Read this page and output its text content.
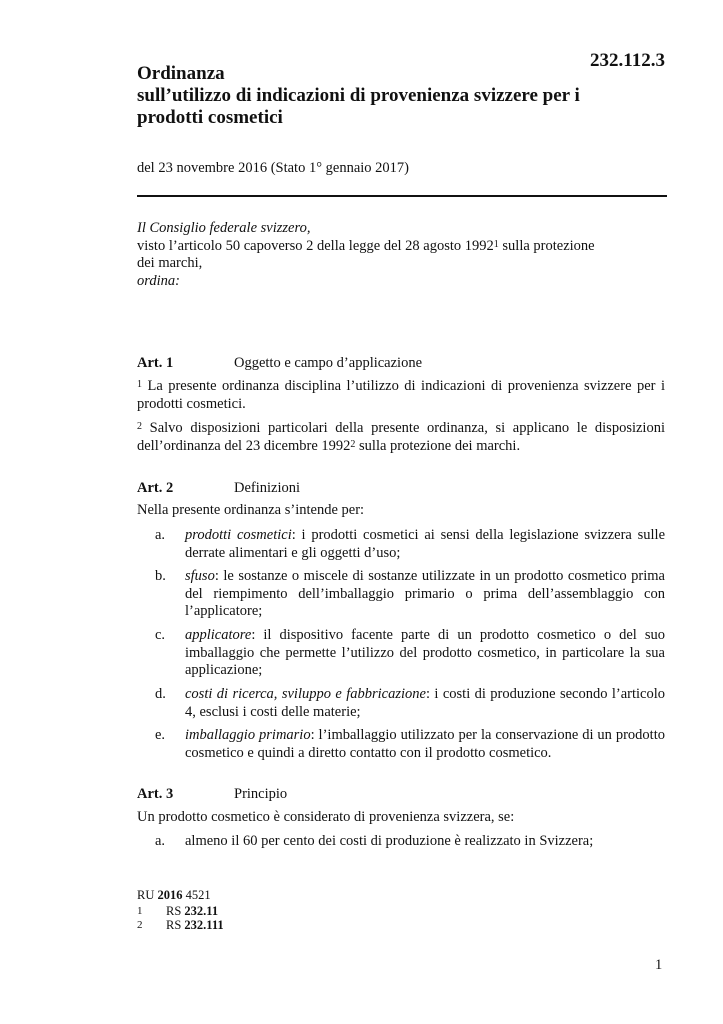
232.112.3
Ordinanza
sull’utilizzo di indicazioni di provenienza svizzere per i
prodotti cosmetici
del 23 novembre 2016 (Stato 1° gennaio 2017)
Il Consiglio federale svizzero,
visto l’articolo 50 capoverso 2 della legge del 28 agosto 1992$^1$ sulla protezione
dei marchi,
ordina:
Art. 1	Oggetto e campo d’applicazione
$^1$ La presente ordinanza disciplina l’utilizzo di indicazioni di provenienza svizzere per i prodotti cosmetici.
$^2$ Salvo disposizioni particolari della presente ordinanza, si applicano le disposizioni dell’ordinanza del 23 dicembre 1992$^2$ sulla protezione dei marchi.
Art. 2	Definizioni
Nella presente ordinanza s’intende per:
a. prodotti cosmetici: i prodotti cosmetici ai sensi della legislazione svizzera sulle derrate alimentari e gli oggetti d’uso;
b. sfuso: le sostanze o miscele di sostanze utilizzate in un prodotto cosmetico prima del riempimento dell’imballaggio primario o prima dell’assemblaggio con l’applicatore;
c. applicatore: il dispositivo facente parte di un prodotto cosmetico o del suo imballaggio che permette l’utilizzo del prodotto cosmetico, in particolare la sua applicazione;
d. costi di ricerca, sviluppo e fabbricazione: i costi di produzione secondo l’articolo 4, esclusi i costi delle materie;
e. imballaggio primario: l’imballaggio utilizzato per la conservazione di un prodotto cosmetico e quindi a diretto contatto con il prodotto cosmetico.
Art. 3	Principio
Un prodotto cosmetico è considerato di provenienza svizzera, se:
a. almeno il 60 per cento dei costi di produzione è realizzato in Svizzera;
RU 2016 4521
1 RS 232.11
2 RS 232.111
1
